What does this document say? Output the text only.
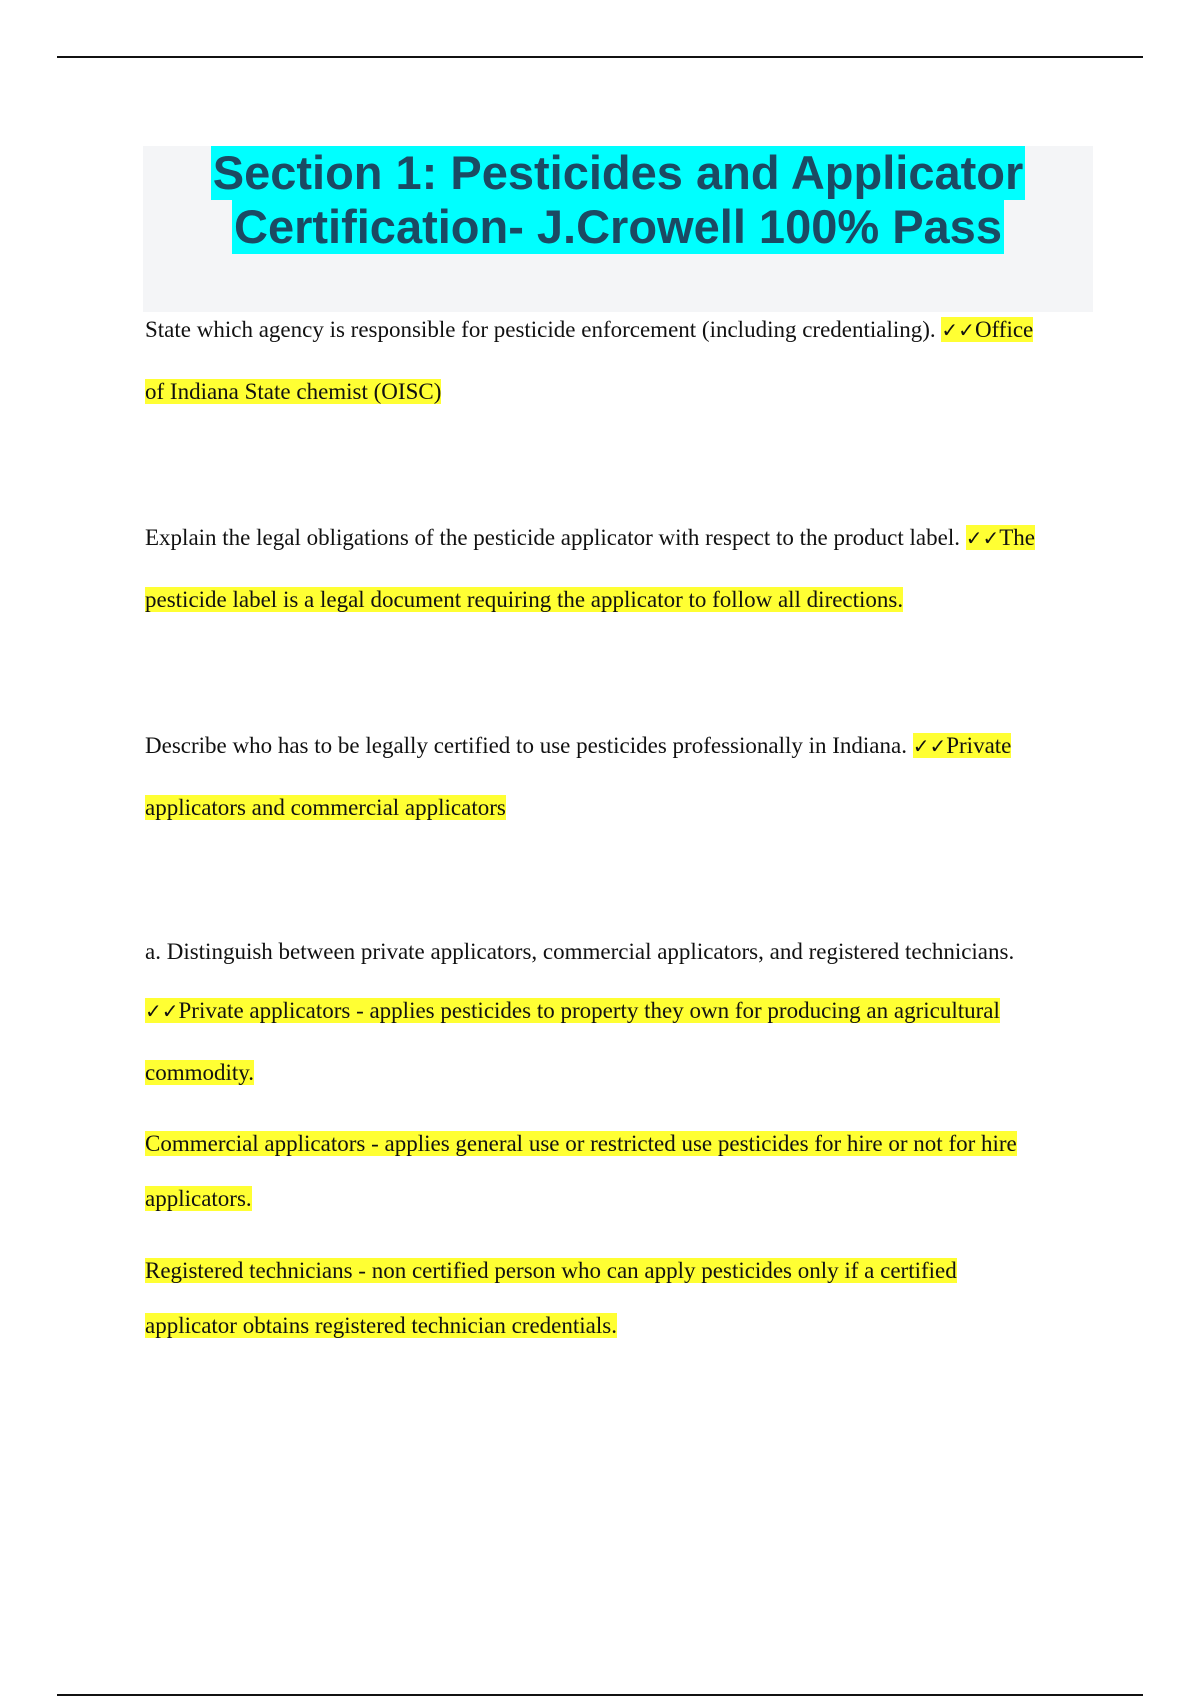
Section 1: Pesticides and Applicator
Certification- J.Crowell 100% Pass

State which agency is responsible for pesticide enforcement (including credentialing). ✓✓Office
of Indiana State chemist (OISC)

Explain the legal obligations of the pesticide applicator with respect to the product label. ✓✓The
pesticide label is a legal document requiring the applicator to follow all directions.

Describe who has to be legally certified to use pesticides professionally in Indiana. ✓✓Private
applicators and commercial applicators

a. Distinguish between private applicators, commercial applicators, and registered technicians.

✓✓Private applicators - applies pesticides to property they own for producing an agricultural
commodity.

Commercial applicators - applies general use or restricted use pesticides for hire or not for hire
applicators.

Registered technicians - non certified person who can apply pesticides only if a certified
applicator obtains registered technician credentials.
